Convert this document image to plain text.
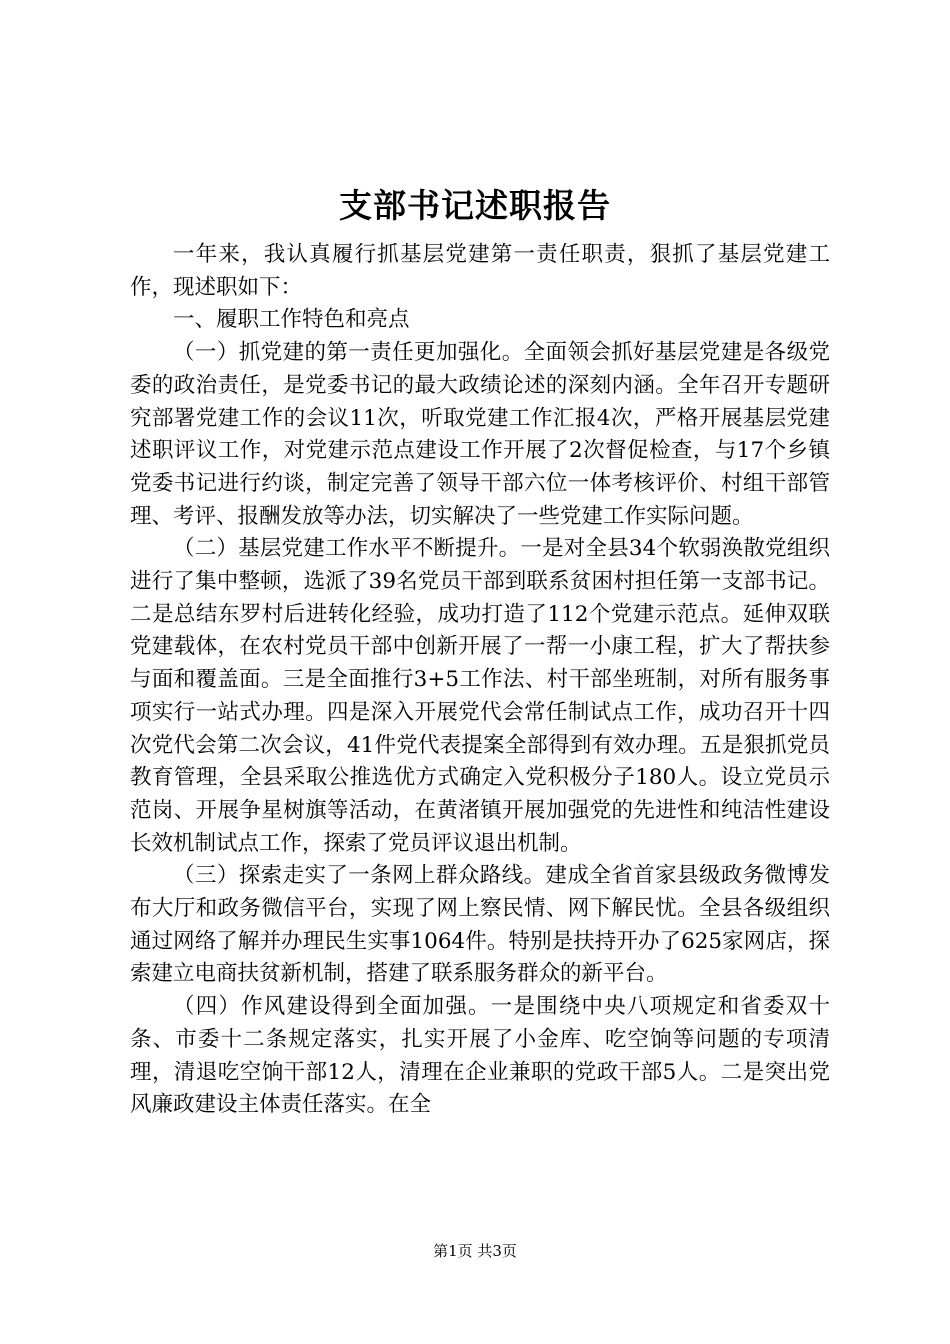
支部书记述职报告

一年来，我认真履行抓基层党建第一责任职责，狠抓了基层党建工作，现述职如下：

一、履职工作特色和亮点

（一）抓党建的第一责任更加强化。全面领会抓好基层党建是各级党委的政治责任，是党委书记的最大政绩论述的深刻内涵。全年召开专题研究部署党建工作的会议11次，听取党建工作汇报4次，严格开展基层党建述职评议工作，对党建示范点建设工作开展了2次督促检查，与17个乡镇党委书记进行约谈，制定完善了领导干部六位一体考核评价、村组干部管理、考评、报酬发放等办法，切实解决了一些党建工作实际问题。

（二）基层党建工作水平不断提升。一是对全县34个软弱涣散党组织进行了集中整顿，选派了39名党员干部到联系贫困村担任第一支部书记。二是总结东罗村后进转化经验，成功打造了112个党建示范点。延伸双联党建载体，在农村党员干部中创新开展了一帮一小康工程，扩大了帮扶参与面和覆盖面。三是全面推行3+5工作法、村干部坐班制，对所有服务事项实行一站式办理。四是深入开展党代会常任制试点工作，成功召开十四次党代会第二次会议，41件党代表提案全部得到有效办理。五是狠抓党员教育管理，全县采取公推选优方式确定入党积极分子180人。设立党员示范岗、开展争星树旗等活动，在黄渚镇开展加强党的先进性和纯洁性建设长效机制试点工作，探索了党员评议退出机制。

（三）探索走实了一条网上群众路线。建成全省首家县级政务微博发布大厅和政务微信平台，实现了网上察民情、网下解民忧。全县各级组织通过网络了解并办理民生实事1064件。特别是扶持开办了625家网店，探索建立电商扶贫新机制，搭建了联系服务群众的新平台。

（四）作风建设得到全面加强。一是围绕中央八项规定和省委双十条、市委十二条规定落实，扎实开展了小金库、吃空饷等问题的专项清理，清退吃空饷干部12人，清理在企业兼职的党政干部5人。二是突出党风廉政建设主体责任落实。在全

第1页 共3页
